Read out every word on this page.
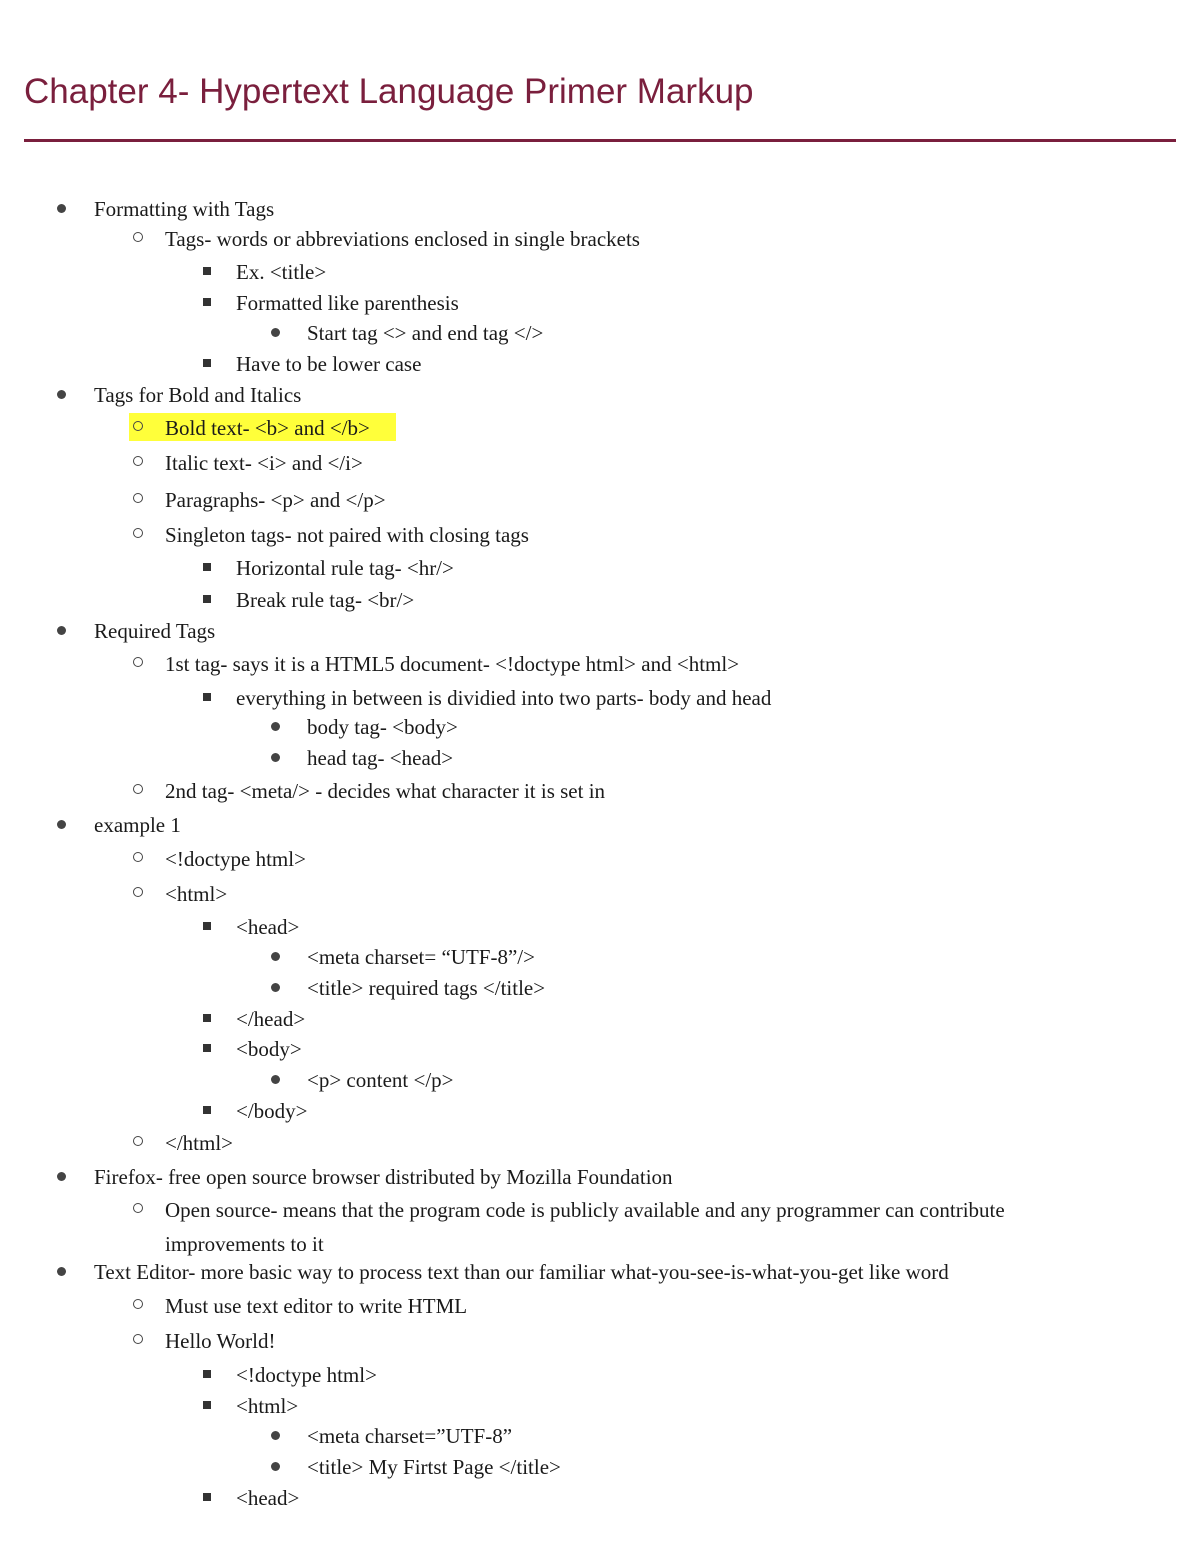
Chapter 4- Hypertext Language Primer Markup
Formatting with Tags
Tags- words or abbreviations enclosed in single brackets
Ex. <title>
Formatted like parenthesis
Start tag <> and end tag </>
Have to be lower case
Tags for Bold and Italics
Bold text- <b> and </b>
Italic text- <i> and </i>
Paragraphs- <p> and </p>
Singleton tags- not paired with closing tags
Horizontal rule tag- <hr/>
Break rule tag- <br/>
Required Tags
1st tag- says it is a HTML5 document- <!doctype html> and <html>
everything in between is dividied into two parts- body and head
body tag- <body>
head tag- <head>
2nd tag- <meta/> - decides what character it is set in
example 1
<!doctype html>
<html>
<head>
<meta charset= “UTF-8”/>
<title> required tags </title>
</head>
<body>
<p> content </p>
</body>
</html>
Firefox- free open source browser distributed by Mozilla Foundation
Open source- means that the program code is publicly available and any programmer can contribute
improvements to it
Text Editor- more basic way to process text than our familiar what-you-see-is-what-you-get like word
Must use text editor to write HTML
Hello World!
<!doctype html>
<html>
<meta charset=”UTF-8”
<title> My Firtst Page </title>
<head>
